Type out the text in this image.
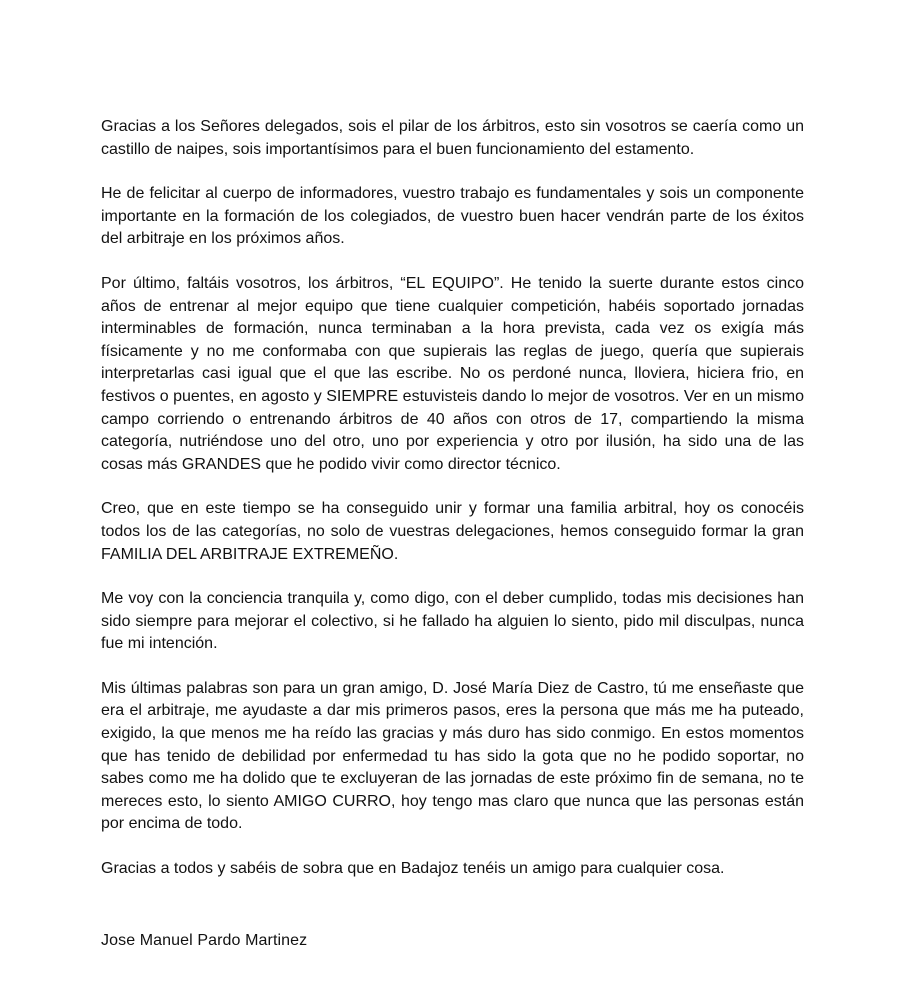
Gracias a los Señores delegados, sois el pilar de los árbitros, esto sin vosotros se caería como un castillo de naipes, sois importantísimos para el buen funcionamiento del estamento.

He de felicitar al cuerpo de informadores, vuestro trabajo es fundamentales y sois un componente importante en la formación de los colegiados, de vuestro buen hacer vendrán parte de los éxitos del arbitraje en los próximos años.

Por último, faltáis vosotros, los árbitros, “EL EQUIPO”. He tenido la suerte durante estos cinco años de entrenar al mejor equipo que tiene cualquier competición, habéis soportado jornadas interminables de formación, nunca terminaban a la hora prevista, cada vez os exigía más físicamente y no me conformaba con que supierais las reglas de juego, quería que supierais interpretarlas casi igual que el que las escribe. No os perdoné nunca, lloviera, hiciera frio, en festivos o puentes, en agosto y SIEMPRE estuvisteis dando lo mejor de vosotros. Ver en un mismo campo corriendo o entrenando árbitros de 40 años con otros de 17, compartiendo la misma categoría, nutriéndose uno del otro, uno por experiencia y otro por ilusión, ha sido una de las cosas más GRANDES que he podido vivir como director técnico.

Creo, que en este tiempo se ha conseguido unir y formar una familia arbitral, hoy os conocéis todos los de las categorías, no solo de vuestras delegaciones, hemos conseguido formar la gran FAMILIA DEL ARBITRAJE EXTREMEÑO.

Me voy con la conciencia tranquila y, como digo, con el deber cumplido, todas mis decisiones han sido siempre para mejorar el colectivo, si he fallado ha alguien lo siento, pido mil disculpas, nunca fue mi intención.

Mis últimas palabras son para un gran amigo, D. José María Diez de Castro, tú me enseñaste que era el arbitraje, me ayudaste a dar mis primeros pasos, eres la persona que más me ha puteado, exigido, la que menos me ha reído las gracias y más duro has sido conmigo. En estos momentos que has tenido de debilidad por enfermedad tu has sido la gota que no he podido soportar, no sabes como me ha dolido que te excluyeran de las jornadas de este próximo fin de semana, no te mereces esto, lo siento AMIGO CURRO, hoy tengo mas claro que nunca que las personas están por encima de todo.

Gracias a todos y sabéis de sobra que en Badajoz tenéis un amigo para cualquier cosa.

Jose Manuel Pardo Martinez
